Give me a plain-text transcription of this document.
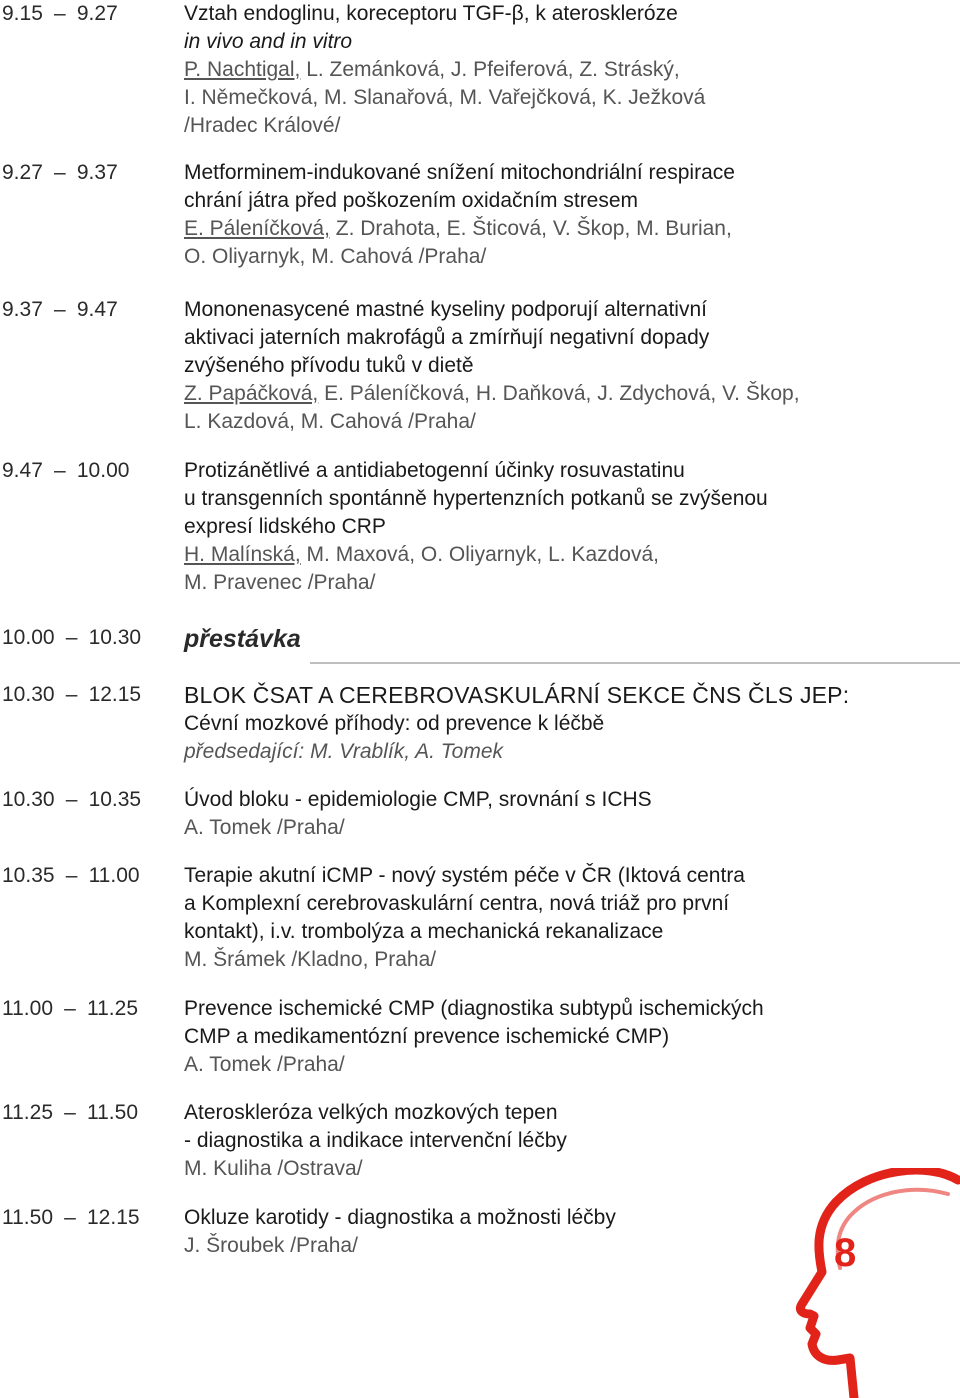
9.15 – 9.27	Vztah endoglinu, koreceptoru TGF-β, k ateroskleróze
in vivo and in vitro
P. Nachtigal, L. Zemánková, J. Pfeiferová, Z. Stráský,
I. Němečková, M. Slanařová, M. Vařejčková, K. Ježková
/Hradec Králové/
9.27 – 9.37	Metforminem-indukované snížení mitochondriální respirace
chrání játra před poškozením oxidačním stresem
E. Páleníčková, Z. Drahota, E. Šticová, V. Škop, M. Burian,
O. Oliyarnyk, M. Cahová /Praha/
9.37 – 9.47	Mononenasycené mastné kyseliny podporují alternativní
aktivaci jaterních makrofágů a zmírňují negativní dopady
zvýšeného přívodu tuků v dietě
Z. Papáčková, E. Páleníčková, H. Daňková, J. Zdychová, V. Škop,
L. Kazdová, M. Cahová /Praha/
9.47 – 10.00	Protizánětlivé a antidiabetogenní účinky rosuvastatinu
u transgenních spontánně hypertenzních potkanů se zvýšenou
expresí lidského CRP
H. Malínská, M. Maxová, O. Oliyarnyk, L. Kazdová,
M. Pravenec /Praha/
10.00 – 10.30 přestávka
10.30 – 12.15 BLOK ČSAT A CEREBROVASKULÁRNÍ SEKCE ČNS ČLS JEP:
Cévní mozkové příhody: od prevence k léčbě
předsedající: M. Vrablík, A. Tomek
10.30 – 10.35 Úvod bloku - epidemiologie CMP, srovnání s ICHS
A. Tomek /Praha/
10.35 – 11.00 Terapie akutní iCMP - nový systém péče v ČR (Iktová centra
a Komplexní cerebrovaskulární centra, nová triáž pro první
kontakt), i.v. trombolýza a mechanická rekanalizace
M. Šrámek /Kladno, Praha/
11.00 – 11.25 Prevence ischemické CMP (diagnostika subtypů ischemických
CMP a medikamentózní prevence ischemické CMP)
A. Tomek /Praha/
11.25 – 11.50 Ateroskleróza velkých mozkových tepen
- diagnostika a indikace intervenční léčby
M. Kuliha /Ostrava/
11.50 – 12.15 Okluze karotidy - diagnostika a možnosti léčby
J. Šroubek /Praha/	8
